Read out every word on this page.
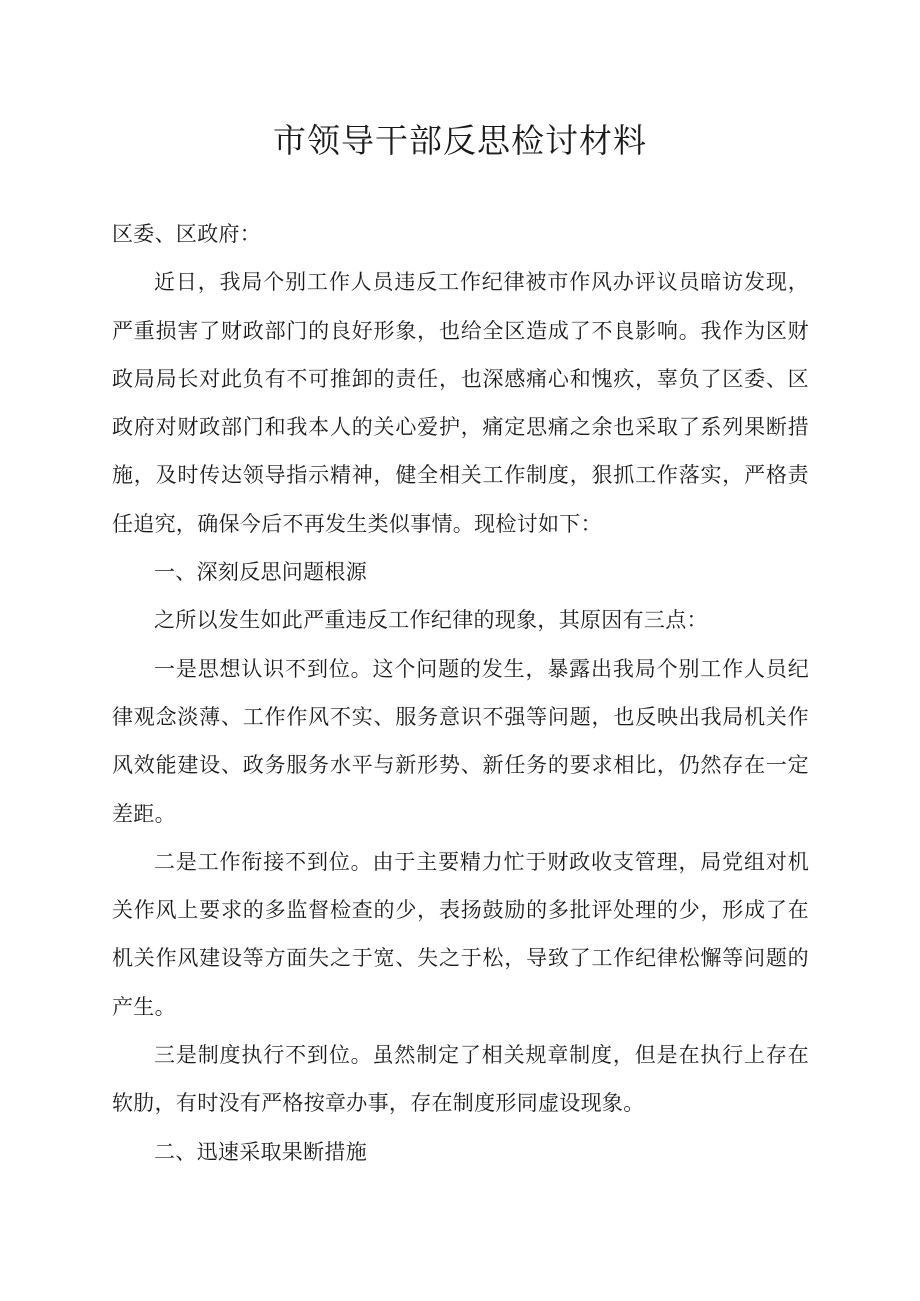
市领导干部反思检讨材料

区委、区政府：

近日，我局个别工作人员违反工作纪律被市作风办评议员暗访发现，严重损害了财政部门的良好形象，也给全区造成了不良影响。我作为区财政局局长对此负有不可推卸的责任，也深感痛心和愧疚，辜负了区委、区政府对财政部门和我本人的关心爱护，痛定思痛之余也采取了系列果断措施，及时传达领导指示精神，健全相关工作制度，狠抓工作落实，严格责任追究，确保今后不再发生类似事情。现检讨如下：

一、深刻反思问题根源

之所以发生如此严重违反工作纪律的现象，其原因有三点：

一是思想认识不到位。这个问题的发生，暴露出我局个别工作人员纪律观念淡薄、工作作风不实、服务意识不强等问题，也反映出我局机关作风效能建设、政务服务水平与新形势、新任务的要求相比，仍然存在一定差距。

二是工作衔接不到位。由于主要精力忙于财政收支管理，局党组对机关作风上要求的多监督检查的少，表扬鼓励的多批评处理的少，形成了在机关作风建设等方面失之于宽、失之于松，导致了工作纪律松懈等问题的产生。

三是制度执行不到位。虽然制定了相关规章制度，但是在执行上存在软肋，有时没有严格按章办事，存在制度形同虚设现象。

二、迅速采取果断措施
